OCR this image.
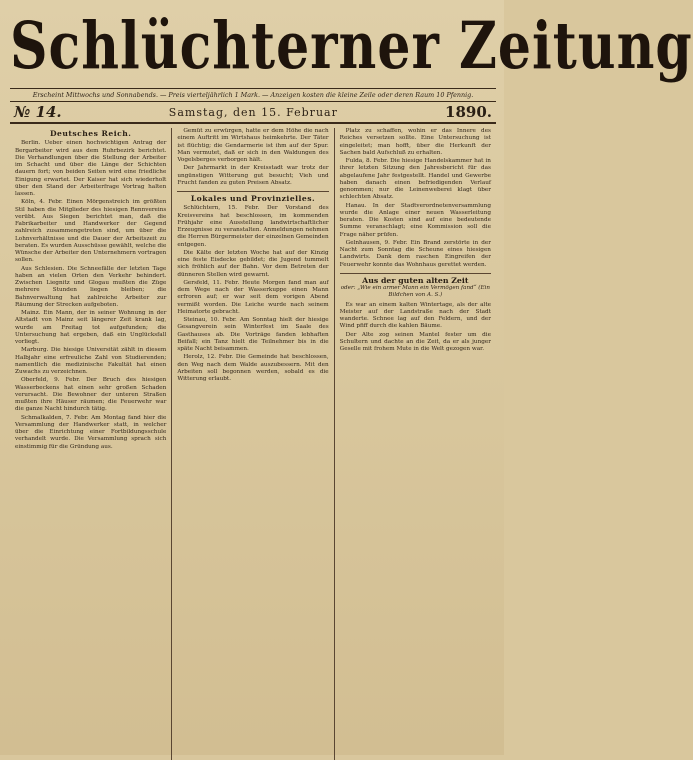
Schlüchterner Zeitung
Erscheint Mittwochs und Sonnabends. — Preis vierteljährlich 1 Mark. — Anzeigen kosten die kleine Zeile oder deren Raum 10 Pfennig.
№ 14.	Samstag, den 15. Februar	1890.
Deutsches Reich.

Berlin. Ueber einen hochwichtigen Antrag der Bergarbeiter wird aus dem Ruhrbezirk berichtet. Die Verhandlungen über die Stellung der Arbeiter im Schacht und über die Länge der Schichten dauern fort; von beiden Seiten wird eine friedliche Einigung erwartet. Der Kaiser hat sich wiederholt über den Stand der Arbeiterfrage Vortrag halten lassen.

Köln, 4. Febr. Einen Mörgenstreich im größten Stil haben die Mitglieder des hiesigen Rennvereins verübt. Aus Siegen berichtet man, daß die Fabrikarbeiter und Handwerker der Gegend zahlreich zusammengetreten sind, um über die Lohnverhältnisse und die Dauer der Arbeitszeit zu beraten. Es wurden Ausschüsse gewählt, welche die Wünsche der Arbeiter den Unternehmern vortragen sollen.

Aus Schlesien. Die Schneefälle der letzten Tage haben an vielen Orten den Verkehr behindert. Zwischen Liegnitz und Glogau mußten die Züge mehrere Stunden liegen bleiben; die Bahnverwaltung hat zahlreiche Arbeiter zur Räumung der Strecken aufgeboten.

Mainz. Ein Mann, der in seiner Wohnung in der Altstadt von Mainz seit längerer Zeit krank lag, wurde am Freitag tot aufgefunden; die Untersuchung hat ergeben, daß ein Unglücksfall vorliegt.

Marburg. Die hiesige Universität zählt in diesem Halbjahr eine erfreuliche Zahl von Studierenden; namentlich die medizinische Fakultät hat einen Zuwachs zu verzeichnen.

Oberfeld, 9. Febr. Der Bruch des hiesigen Wasserbeckens hat einen sehr großen Schaden verursacht. Die Bewohner der unteren Straßen mußten ihre Häuser räumen; die Feuerwehr war die ganze Nacht hindurch tätig.

Schmalkalden, 7. Febr. Am Montag fand hier die Versammlung der Handwerker statt, in welcher über die Einrichtung einer Fortbildungsschule verhandelt wurde. Die Versammlung sprach sich einstimmig für die Gründung aus.

Gemüt zu erwürgen, hatte er dem Höhe die nach einem Auftritt im Wirtshaus heimkehrte. Der Täter ist flüchtig; die Gendarmerie ist ihm auf der Spur. Man vermutet, daß er sich in den Waldungen des Vogelsberges verborgen hält.

Der Jahrmarkt in der Kreisstadt war trotz der ungünstigen Witterung gut besucht; Vieh und Frucht fanden zu guten Preisen Absatz.

Lokales und Provinzielles.

Schlüchtern, 15. Febr. Der Vorstand des Kreisvereins hat beschlossen, im kommenden Frühjahr eine Ausstellung landwirtschaftlicher Erzeugnisse zu veranstalten. Anmeldungen nehmen die Herren Bürgermeister der einzelnen Gemeinden entgegen.

Die Kälte der letzten Woche hat auf der Kinzig eine feste Eisdecke gebildet; die Jugend tummelt sich fröhlich auf der Bahn. Vor dem Betreten der dünneren Stellen wird gewarnt.

Gersfeld, 11. Febr. Heute Morgen fand man auf dem Wege nach der Wasserkuppe einen Mann erfroren auf; er war seit dem vorigen Abend vermißt worden. Die Leiche wurde nach seinem Heimatorte gebracht.

Steinau, 10. Febr. Am Sonntag hielt der hiesige Gesangverein sein Winterfest im Saale des Gasthauses ab. Die Vorträge fanden lebhaften Beifall; ein Tanz hielt die Teilnehmer bis in die späte Nacht beisammen.

Herolz, 12. Febr. Die Gemeinde hat beschlossen, den Weg nach dem Walde auszubessern. Mit den Arbeiten soll begonnen werden, sobald es die Witterung erlaubt.

Platz zu schaffen, wohin er das Innere des Reiches versetzen sollte. Eine Untersuchung ist eingeleitet; man hofft, über die Herkunft der Sachen bald Aufschluß zu erhalten.

Fulda, 8. Febr. Die hiesige Handelskammer hat in ihrer letzten Sitzung den Jahresbericht für das abgelaufene Jahr festgestellt. Handel und Gewerbe haben danach einen befriedigenden Verlauf genommen; nur die Leinenweberei klagt über schlechten Absatz.

Hanau. In der Stadtverordnetenversammlung wurde die Anlage einer neuen Wasserleitung beraten. Die Kosten sind auf eine bedeutende Summe veranschlagt; eine Kommission soll die Frage näher prüfen.

Gelnhausen, 9. Febr. Ein Brand zerstörte in der Nacht zum Sonntag die Scheune eines hiesigen Landwirts. Dank dem raschen Eingreifen der Feuerwehr konnte das Wohnhaus gerettet werden.

Aus der guten alten Zeit
oder: „Wie ein armer Mann ein Vermögen fand“ (Ein Bildchen von A. S.)

Es war an einem kalten Wintertage, als der alte Meister auf der Landstraße nach der Stadt wanderte. Schnee lag auf den Feldern, und der Wind pfiff durch die kahlen Bäume.

Der Alte zog seinen Mantel fester um die Schultern und dachte an die Zeit, da er als junger Geselle mit frohem Mute in die Welt gezogen war.
